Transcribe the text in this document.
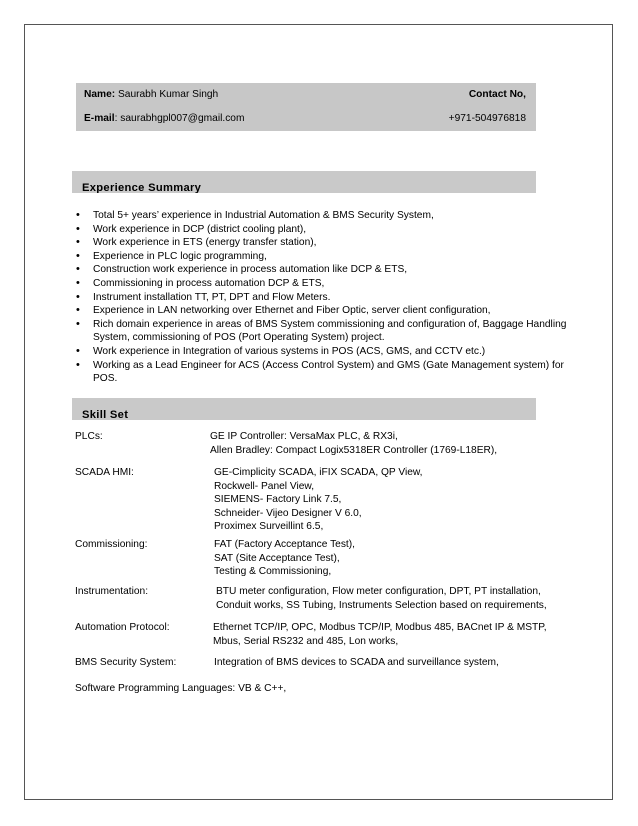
Name: Saurabh Kumar Singh	Contact No,
E-mail: saurabhgpl007@gmail.com	+971-504976818
Experience Summary
• Total 5+ years’ experience in Industrial Automation & BMS Security System,
• Work experience in DCP (district cooling plant),
• Work experience in ETS (energy transfer station),
• Experience in PLC logic programming,
• Construction work experience in process automation like DCP & ETS,
• Commissioning in process automation DCP & ETS,
• Instrument installation TT, PT, DPT and Flow Meters.
• Experience in LAN networking over Ethernet and Fiber Optic, server client configuration,
• Rich domain experience in areas of BMS System commissioning and configuration of, Baggage Handling System, commissioning of POS (Port Operating System) project.
• Work experience in Integration of various systems in POS (ACS, GMS, and CCTV etc.)
• Working as a Lead Engineer for ACS (Access Control System) and GMS (Gate Management system) for POS.
Skill Set
PLCs:	GE IP Controller: VersaMax PLC, & RX3i,
Allen Bradley: Compact Logix5318ER Controller (1769-L18ER),
SCADA HMI:	GE-Cimplicity SCADA, iFIX SCADA, QP View,
Rockwell- Panel View,
SIEMENS- Factory Link 7.5,
Schneider- Vijeo Designer V 6.0,
Proximex Surveillint 6.5,
Commissioning:	FAT (Factory Acceptance Test),
SAT (Site Acceptance Test),
Testing & Commissioning,
Instrumentation:	BTU meter configuration, Flow meter configuration, DPT, PT installation,
Conduit works, SS Tubing, Instruments Selection based on requirements,
Automation Protocol:	Ethernet TCP/IP, OPC, Modbus TCP/IP, Modbus 485, BACnet IP & MSTP,
Mbus, Serial RS232 and 485, Lon works,
BMS Security System:	Integration of BMS devices to SCADA and surveillance system,
Software Programming Languages: VB & C++,
